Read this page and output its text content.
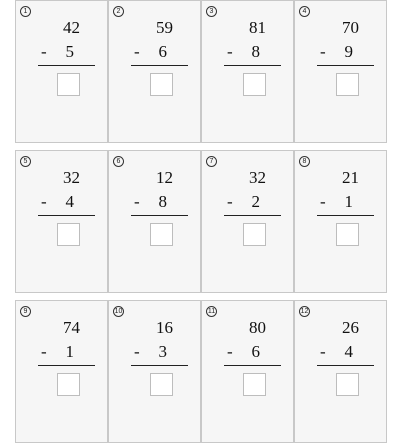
1
42
- 5
2
59
- 6
3
81
- 8
4
70
- 9
5
32
- 4
6
12
- 8
7
32
- 2
8
21
- 1
9
74
- 1
10
16
- 3
11
80
- 6
12
26
- 4
